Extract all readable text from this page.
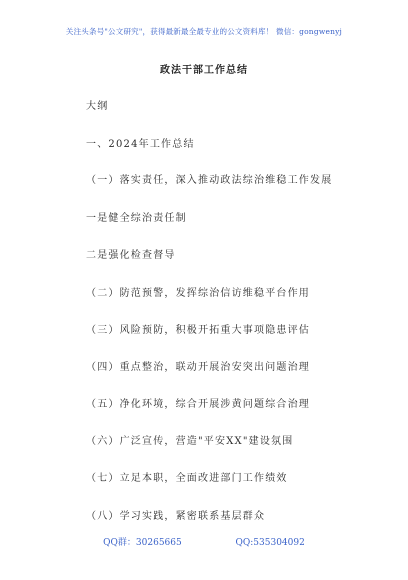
关注头条号"公文研究"，获得最新最全最专业的公文资料库！ 微信：gongwenyj
政法干部工作总结
大纲
一、2024年工作总结
（一）落实责任，深入推动政法综治维稳工作发展
一是健全综治责任制
二是强化检查督导
（二）防范预警，发挥综治信访维稳平台作用
（三）风险预防，积极开拓重大事项隐患评估
（四）重点整治，联动开展治安突出问题治理
（五）净化环境，综合开展涉黄问题综合治理
（六）广泛宣传，营造"平安XX"建设氛围
（七）立足本职，全面改进部门工作绩效
（八）学习实践，紧密联系基层群众
QQ群：30265665	QQ:535304092
